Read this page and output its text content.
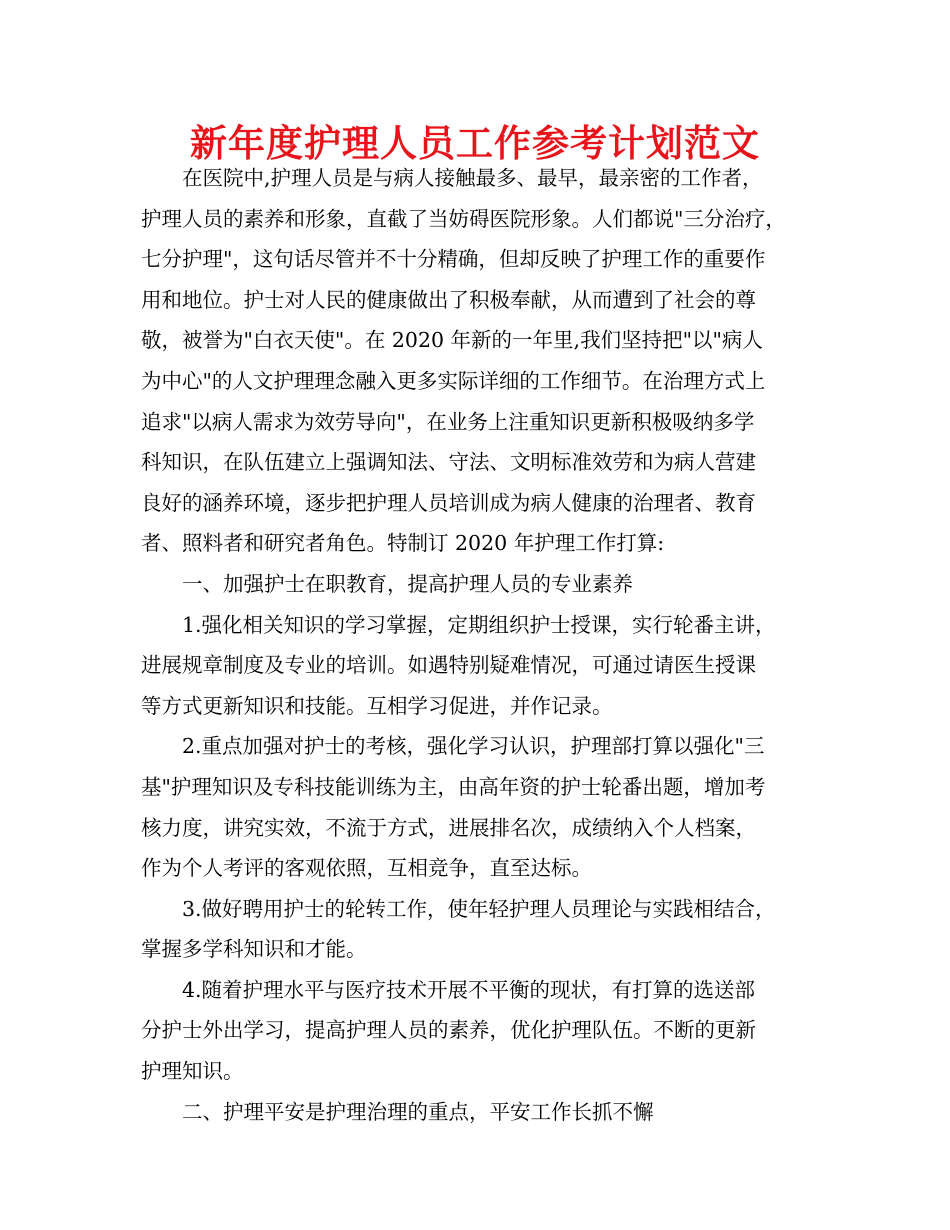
新年度护理人员工作参考计划范文

在医院中,护理人员是与病人接触最多、最早，最亲密的工作者，

护理人员的素养和形象，直截了当妨碍医院形象。人们都说"三分治疗，

七分护理"，这句话尽管并不十分精确，但却反映了护理工作的重要作

用和地位。护士对人民的健康做出了积极奉献，从而遭到了社会的尊

敬，被誉为"白衣天使"。在 2020 年新的一年里,我们坚持把"以"病人

为中心"的人文护理理念融入更多实际详细的工作细节。在治理方式上

追求"以病人需求为效劳导向"，在业务上注重知识更新积极吸纳多学

科知识，在队伍建立上强调知法、守法、文明标准效劳和为病人营建

良好的涵养环境，逐步把护理人员培训成为病人健康的治理者、教育

者、照料者和研究者角色。特制订 2020 年护理工作打算:

一、加强护士在职教育，提高护理人员的专业素养

1.强化相关知识的学习掌握，定期组织护士授课，实行轮番主讲，

进展规章制度及专业的培训。如遇特别疑难情况，可通过请医生授课

等方式更新知识和技能。互相学习促进，并作记录。

2.重点加强对护士的考核，强化学习认识，护理部打算以强化"三

基"护理知识及专科技能训练为主，由高年资的护士轮番出题，增加考

核力度，讲究实效，不流于方式，进展排名次，成绩纳入个人档案，

作为个人考评的客观依照，互相竞争，直至达标。

3.做好聘用护士的轮转工作，使年轻护理人员理论与实践相结合，

掌握多学科知识和才能。

4.随着护理水平与医疗技术开展不平衡的现状，有打算的选送部

分护士外出学习，提高护理人员的素养，优化护理队伍。不断的更新

护理知识。

二、护理平安是护理治理的重点，平安工作长抓不懈
